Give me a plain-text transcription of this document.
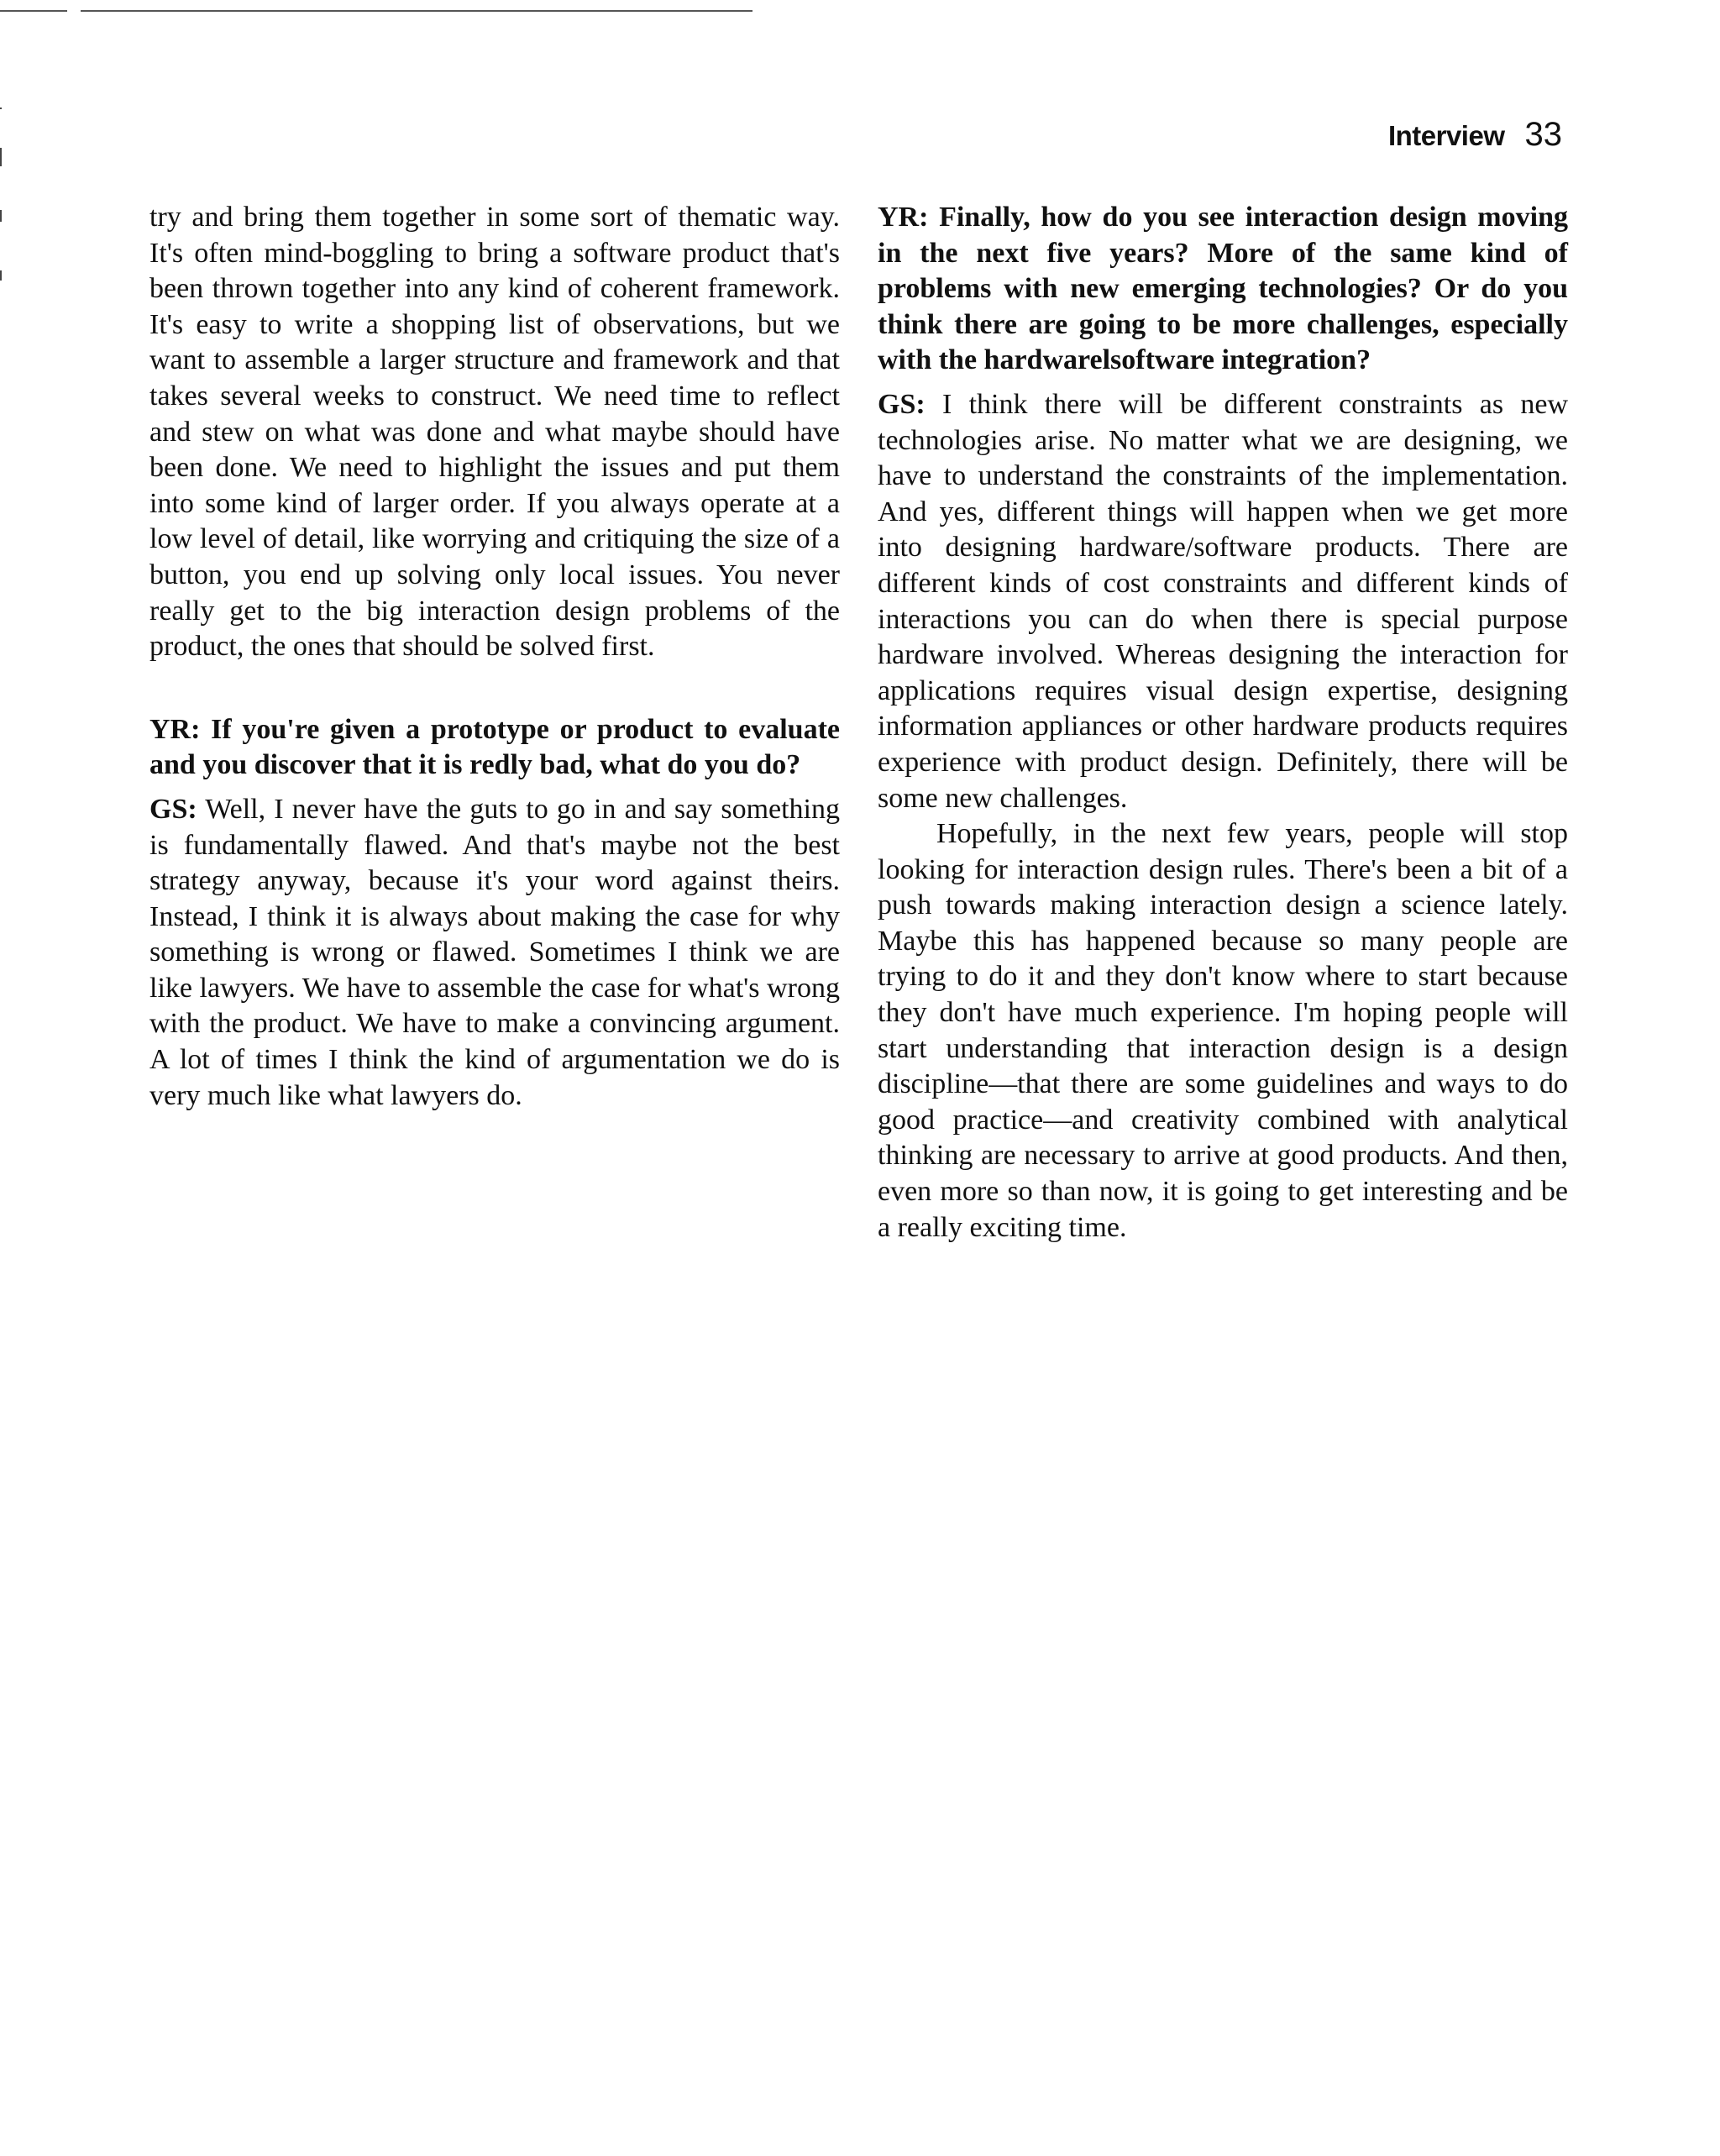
Interview 33

try and bring them together in some sort of thematic way. It's often mind-boggling to bring a software product that's been thrown together into any kind of coherent framework. It's easy to write a shopping list of observations, but we want to assemble a larger structure and framework and that takes several weeks to construct. We need time to reflect and stew on what was done and what maybe should have been done. We need to highlight the issues and put them into some kind of larger order. If you always operate at a low level of detail, like worrying and critiquing the size of a button, you end up solving only local issues. You never really get to the big interaction design problems of the product, the ones that should be solved first.

YR: If you're given a prototype or product to evaluate and you discover that it is redly bad, what do you do?

GS: Well, I never have the guts to go in and say something is fundamentally flawed. And that's maybe not the best strategy anyway, because it's your word against theirs. Instead, I think it is always about making the case for why something is wrong or flawed. Sometimes I think we are like lawyers. We have to assemble the case for what's wrong with the product. We have to make a convincing argument. A lot of times I think the kind of argumentation we do is very much like what lawyers do.

YR: Finally, how do you see interaction design moving in the next five years? More of the same kind of problems with new emerging technologies? Or do you think there are going to be more challenges, especially with the hardwarelsoftware integration?

GS: I think there will be different constraints as new technologies arise. No matter what we are designing, we have to understand the constraints of the implementation. And yes, different things will happen when we get more into designing hardware/software products. There are different kinds of cost constraints and different kinds of interactions you can do when there is special purpose hardware involved. Whereas designing the interaction for applications requires visual design expertise, designing information appliances or other hardware products requires experience with product design. Definitely, there will be some new challenges.

Hopefully, in the next few years, people will stop looking for interaction design rules. There's been a bit of a push towards making interaction design a science lately. Maybe this has happened because so many people are trying to do it and they don't know where to start because they don't have much experience. I'm hoping people will start understanding that interaction design is a design discipline—that there are some guidelines and ways to do good practice—and creativity combined with analytical thinking are necessary to arrive at good products. And then, even more so than now, it is going to get interesting and be a really exciting time.
